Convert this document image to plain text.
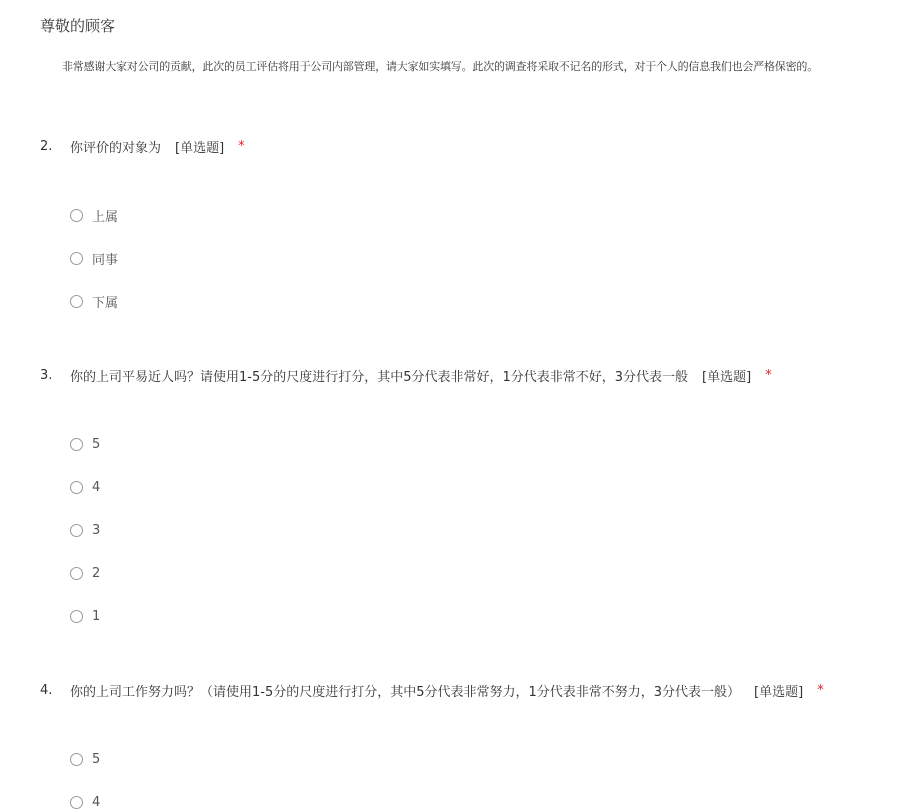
尊敬的顾客
非常感谢大家对公司的贡献，此次的员工评估将用于公司内部管理，请大家如实填写。此次的调查将采取不记名的形式，对于个人的信息我们也会严格保密的。
2.	你评价的对象为 [单选题] *
上属
同事
下属
3.	你的上司平易近人吗？请使用1-5分的尺度进行打分，其中5分代表非常好，1分代表非常不好，3分代表一般 [单选题] *
5
4
3
2
1
4.	你的上司工作努力吗？（请使用1-5分的尺度进行打分，其中5分代表非常努力，1分代表非常不努力，3分代表一般） [单选题] *
5
4
